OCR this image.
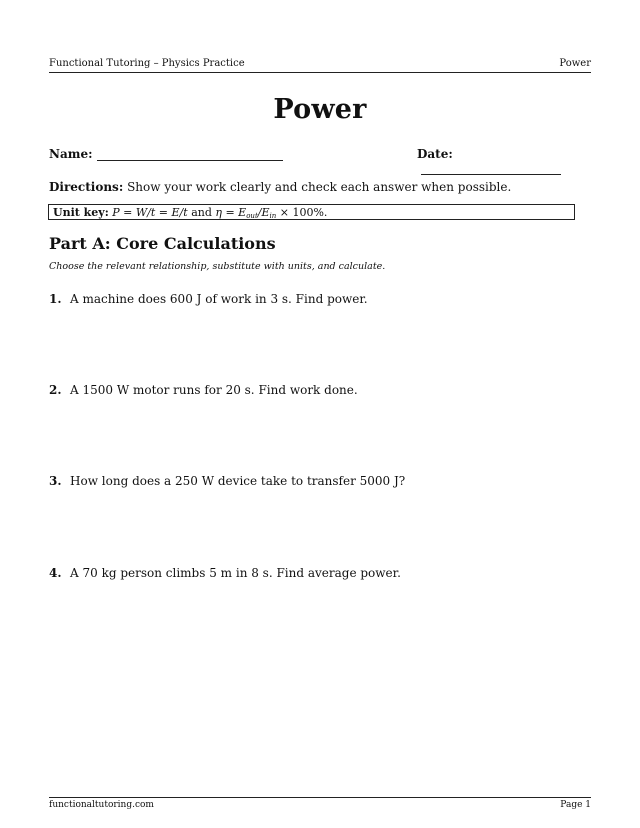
Functional Tutoring – Physics Practice	Power
Power
Name:	Date:
Directions: Show your work clearly and check each answer when possible.
Unit key: P = W/t = E/t and $\eta = E_{out}/E_{in} \times 100\%$.
Part A: Core Calculations
Choose the relevant relationship, substitute with units, and calculate.
1. A machine does 600 J of work in 3 s. Find power.
2. A 1500 W motor runs for 20 s. Find work done.
3. How long does a 250 W device take to transfer 5000 J?
4. A 70 kg person climbs 5 m in 8 s. Find average power.
functionaltutoring.com	Page 1
